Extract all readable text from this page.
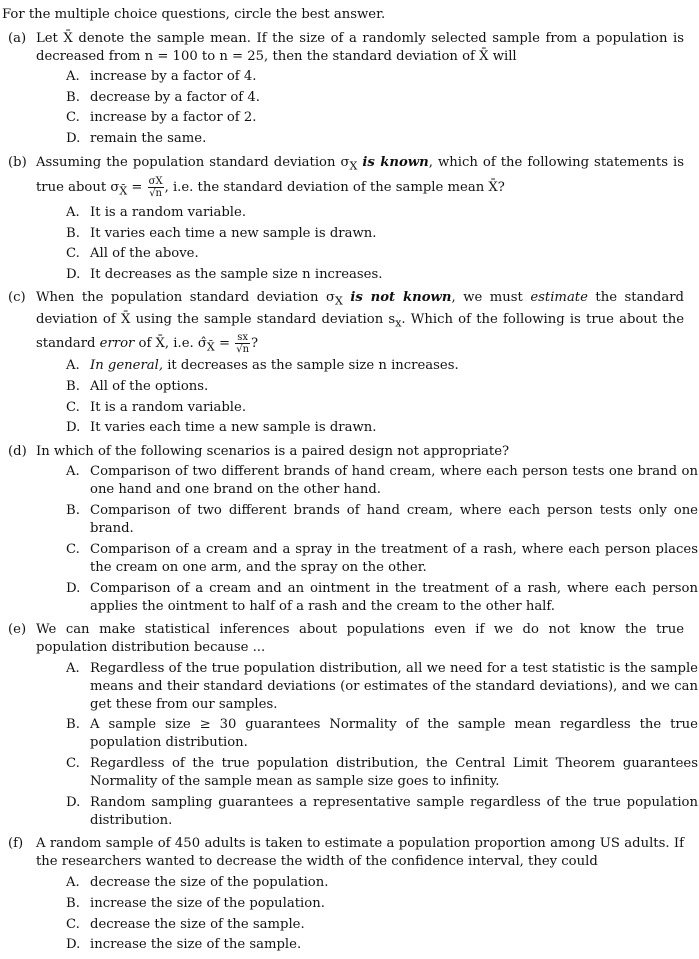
For the multiple choice questions, circle the best answer.
(a) Let X̄ denote the sample mean. If the size of a randomly selected sample from a population is decreased from n = 100 to n = 25, then the standard deviation of X̄ will
A. increase by a factor of 4.
B. decrease by a factor of 4.
C. increase by a factor of 2.
D. remain the same.
(b) Assuming the population standard deviation $\sigma_X$ is known, which of the following statements is true about $\sigma_{X̄} = \frac{\sigma X}{√n}$ , i.e. the standard deviation of the sample mean X̄?
A. It is a random variable.
B. It varies each time a new sample is drawn.
C. All of the above.
D. It decreases as the sample size n increases.
(c) When the population standard deviation $\sigma_X$ is not known, we must estimate the standard deviation of X̄ using the sample standard deviation $s_x$. Which of the following is true about the standard error of X̄, i.e. $\sigmâ_{X̄} = \frac{sx}{√n}$ ?
A. In general, it decreases as the sample size n increases.
B. All of the options.
C. It is a random variable.
D. It varies each time a new sample is drawn.
(d) In which of the following scenarios is a paired design not appropriate?
A. Comparison of two different brands of hand cream, where each person tests one brand on one hand and one brand on the other hand.
B. Comparison of two different brands of hand cream, where each person tests only one brand.
C. Comparison of a cream and a spray in the treatment of a rash, where each person places the cream on one arm, and the spray on the other.
D. Comparison of a cream and an ointment in the treatment of a rash, where each person applies the ointment to half of a rash and the cream to the other half.
(e) We can make statistical inferences about populations even if we do not know the true population distribution because ...
A. Regardless of the true population distribution, all we need for a test statistic is the sample means and their standard deviations (or estimates of the standard deviations), and we can get these from our samples.
B. A sample size ≥ 30 guarantees Normality of the sample mean regardless the true population distribution.
C. Regardless of the true population distribution, the Central Limit Theorem guarantees Normality of the sample mean as sample size goes to infinity.
D. Random sampling guarantees a representative sample regardless of the true population distribution.
(f) A random sample of 450 adults is taken to estimate a population proportion among US adults. If the researchers wanted to decrease the width of the confidence interval, they could
A. decrease the size of the population.
B. increase the size of the population.
C. decrease the size of the sample.
D. increase the size of the sample.
